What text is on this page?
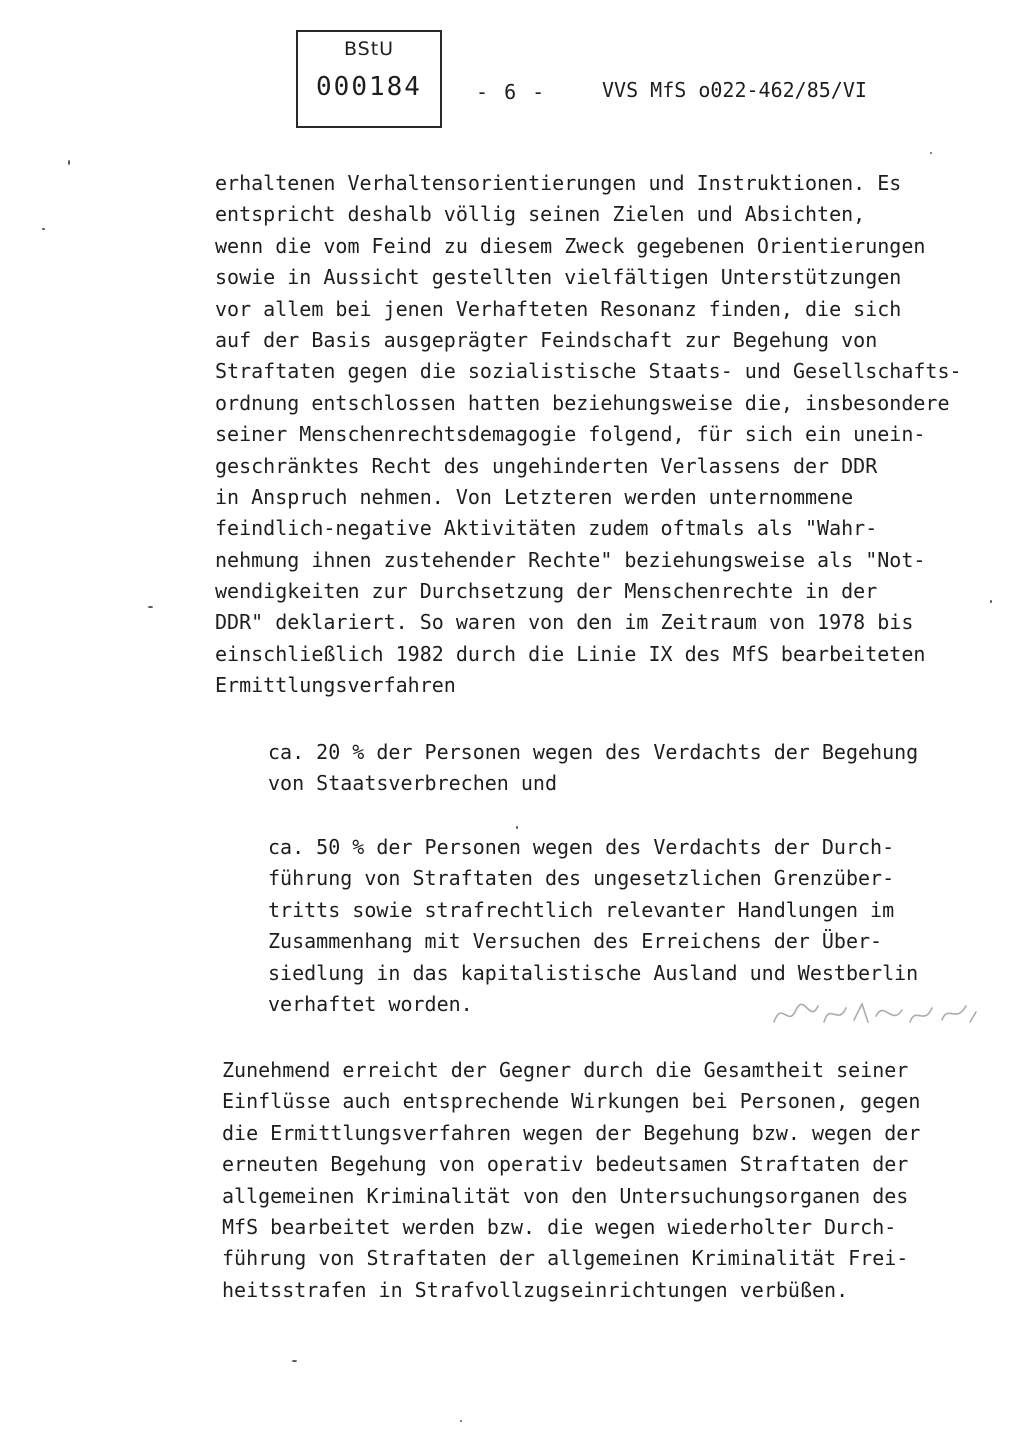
BStU
000184	- 6 -	VVS MfS o022-462/85/VI
erhaltenen Verhaltensorientierungen und Instruktionen. Es
entspricht deshalb völlig seinen Zielen und Absichten,
wenn die vom Feind zu diesem Zweck gegebenen Orientierungen
sowie in Aussicht gestellten vielfältigen Unterstützungen
vor allem bei jenen Verhafteten Resonanz finden, die sich
auf der Basis ausgeprägter Feindschaft zur Begehung von
Straftaten gegen die sozialistische Staats- und Gesellschafts-
ordnung entschlossen hatten beziehungsweise die, insbesondere
seiner Menschenrechtsdemagogie folgend, für sich ein unein-
geschränktes Recht des ungehinderten Verlassens der DDR
in Anspruch nehmen. Von Letzteren werden unternommene
feindlich-negative Aktivitäten zudem oftmals als "Wahr-
nehmung ihnen zustehender Rechte" beziehungsweise als "Not-
wendigkeiten zur Durchsetzung der Menschenrechte in der
DDR" deklariert. So waren von den im Zeitraum von 1978 bis
einschließlich 1982 durch die Linie IX des MfS bearbeiteten
Ermittlungsverfahren
ca. 20 % der Personen wegen des Verdachts der Begehung
von Staatsverbrechen und
ca. 50 % der Personen wegen des Verdachts der Durch-
führung von Straftaten des ungesetzlichen Grenzüber-
tritts sowie strafrechtlich relevanter Handlungen im
Zusammenhang mit Versuchen des Erreichens der Über-
siedlung in das kapitalistische Ausland und Westberlin
verhaftet worden.
Zunehmend erreicht der Gegner durch die Gesamtheit seiner
Einflüsse auch entsprechende Wirkungen bei Personen, gegen
die Ermittlungsverfahren wegen der Begehung bzw. wegen der
erneuten Begehung von operativ bedeutsamen Straftaten der
allgemeinen Kriminalität von den Untersuchungsorganen des
MfS bearbeitet werden bzw. die wegen wiederholter Durch-
führung von Straftaten der allgemeinen Kriminalität Frei-
heitsstrafen in Strafvollzugseinrichtungen verbüßen.
